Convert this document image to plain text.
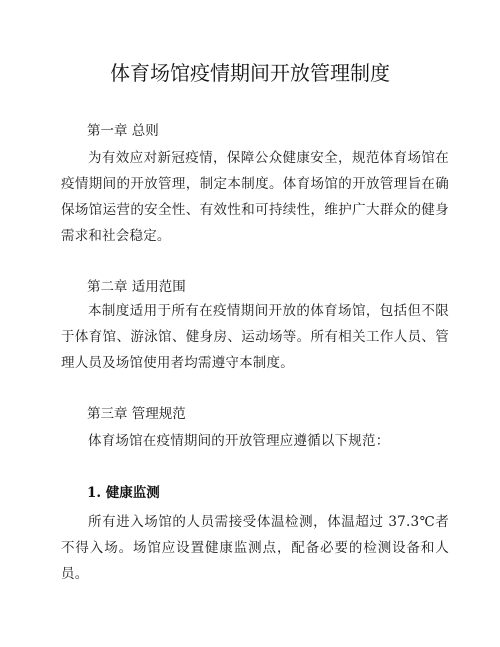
体育场馆疫情期间开放管理制度
第一章 总则

为有效应对新冠疫情，保障公众健康安全，规范体育场馆在疫情期间的开放管理，制定本制度。体育场馆的开放管理旨在确保场馆运营的安全性、有效性和可持续性，维护广大群众的健身需求和社会稳定。

第二章 适用范围

本制度适用于所有在疫情期间开放的体育场馆，包括但不限于体育馆、游泳馆、健身房、运动场等。所有相关工作人员、管理人员及场馆使用者均需遵守本制度。

第三章 管理规范

体育场馆在疫情期间的开放管理应遵循以下规范：

1. 健康监测

所有进入场馆的人员需接受体温检测，体温超过 37.3℃者不得入场。场馆应设置健康监测点，配备必要的检测设备和人员。
